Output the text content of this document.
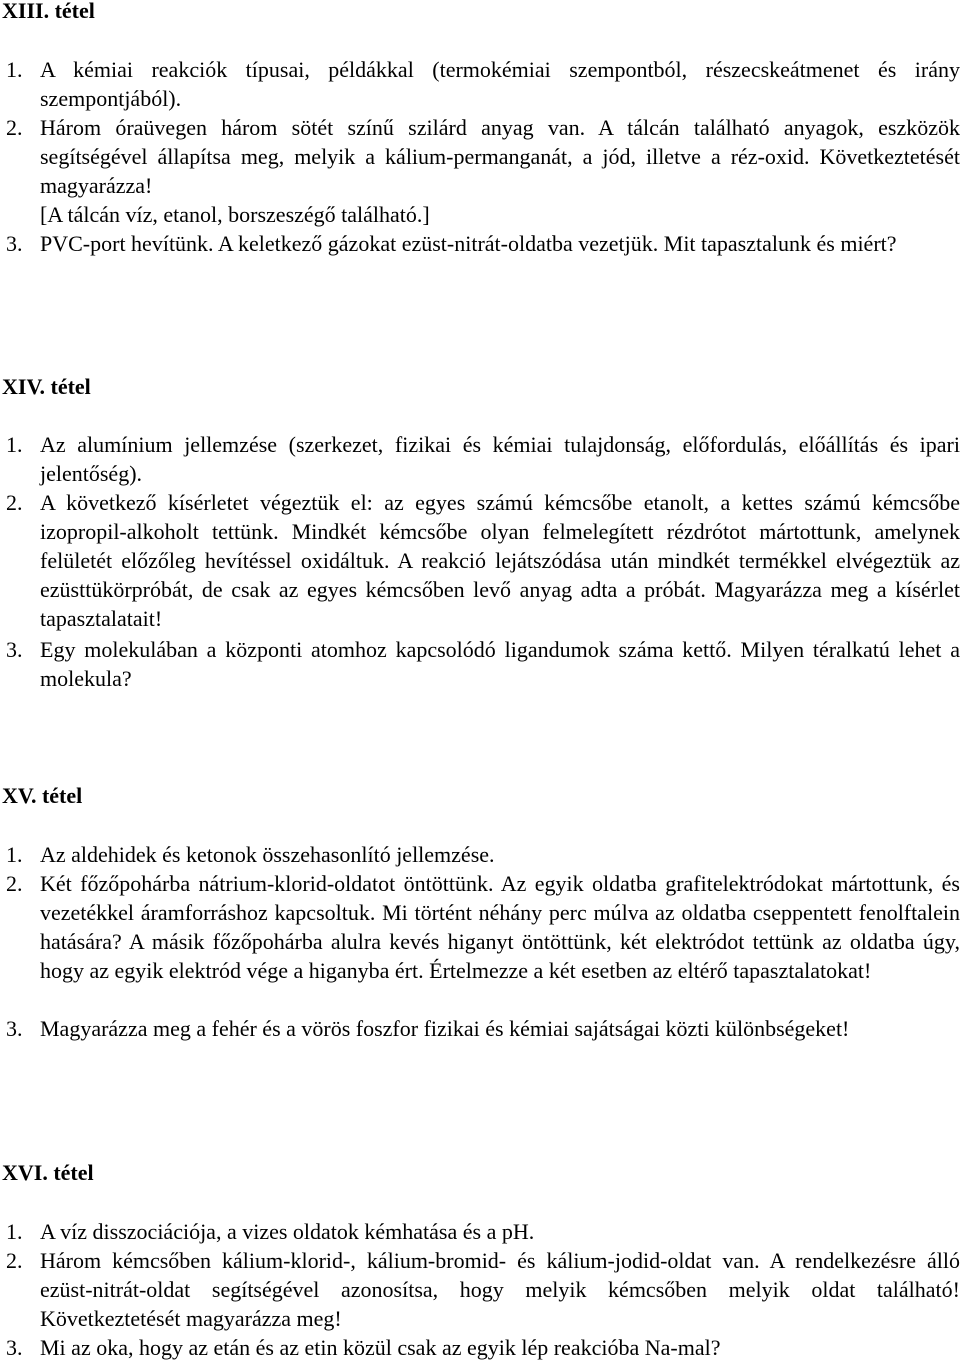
XIII. tétel
1. A kémiai reakciók típusai, példákkal (termokémiai szempontból, részecskeátmenet és irány szempontjából).
2. Három óraüvegen három sötét színű szilárd anyag van. A tálcán található anyagok, eszközök segítségével állapítsa meg, melyik a kálium-permanganát, a jód, illetve a réz-oxid. Következtetését magyarázza!
[A tálcán víz, etanol, borszeszégő található.]
3. PVC-port hevítünk. A keletkező gázokat ezüst-nitrát-oldatba vezetjük. Mit tapasztalunk és miért?
XIV. tétel
1. Az alumínium jellemzése (szerkezet, fizikai és kémiai tulajdonság, előfordulás, előállítás és ipari jelentőség).
2. A következő kísérletet végeztük el: az egyes számú kémcsőbe etanolt, a kettes számú kémcsőbe izopropil-alkoholt tettünk. Mindkét kémcsőbe olyan felmelegített rézdrótot mártottunk, amelynek felületét előzőleg hevítéssel oxidáltuk. A reakció lejátszódása után mindkét termékkel elvégeztük az ezüsttükörpróbát, de csak az egyes kémcsőben levő anyag adta a próbát. Magyarázza meg a kísérlet tapasztalatait!
3. Egy molekulában a központi atomhoz kapcsolódó ligandumok száma kettő. Milyen téralkatú lehet a molekula?
XV. tétel
1. Az aldehidek és ketonok összehasonlító jellemzése.
2. Két főzőpohárba nátrium-klorid-oldatot öntöttünk. Az egyik oldatba grafitelektródokat mártottunk, és vezetékkel áramforráshoz kapcsoltuk. Mi történt néhány perc múlva az oldatba cseppentett fenolftalein hatására? A másik főzőpohárba alulra kevés higanyt öntöttünk, két elektródot tettünk az oldatba úgy, hogy az egyik elektród vége a higanyba ért. Értelmezze a két esetben az eltérő tapasztalatokat!
3. Magyarázza meg a fehér és a vörös foszfor fizikai és kémiai sajátságai közti különbségeket!
XVI. tétel
1. A víz disszociációja, a vizes oldatok kémhatása és a pH.
2. Három kémcsőben kálium-klorid-, kálium-bromid- és kálium-jodid-oldat van. A rendelkezésre álló ezüst-nitrát-oldat segítségével azonosítsa, hogy melyik kémcsőben melyik oldat található! Következtetését magyarázza meg!
3. Mi az oka, hogy az etán és az etin közül csak az egyik lép reakcióba Na-mal?
